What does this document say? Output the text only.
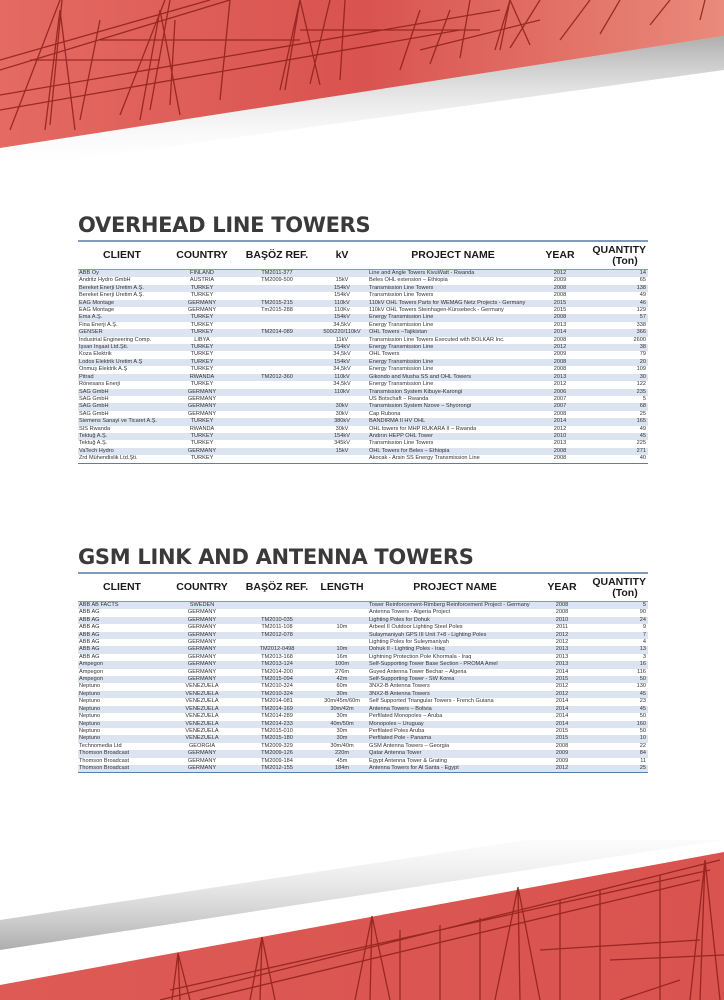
OVERHEAD LINE TOWERS
CLIENT	COUNTRY	BAŞÖZ REF.	kV	PROJECT NAME	YEAR	QUANTITY
(Ton)

ABB Oy	FINLAND	TM2011-377		Line and Angle Towers KivuWatt - Rwanda	2012	14
Andritz Hydro GmbH	AUSTRIA	TM2009-500	15kV	Beles OHL extension – Ethiopia	2009	65
Bereket Enerji Üretim A.Ş.	TURKEY		154kV	Transmission Line Towers	2008	138
Bereket Enerji Üretim A.Ş.	TURKEY		154kV	Transmission Line Towers	2008	49
EAG Montage	GERMANY	TM2015-215	110kV	110kV OHL Towers Parts for WEMAG Netz Projects - Germany	2015	46
EAG Montage	GERMANY	Tm2015-288	110Kv	110kV OHL Towers Steinhagen-Künsebeck - Germany	2015	129
Ema A.Ş.	TURKEY		154kV	Energy Transmission Line	2008	57
Fina Enerji A.Ş.	TURKEY		34,5kV	Energy Transmission Line	2013	338
GENSER	TURKEY	TM2014-089	500/220/110kV	OHL Towers –Tajikistan	2014	366
Industrial Engineering Comp.	LIBYA		11kV	Transmission Line Towers Executed with BOLKAR Inc.	2008	2600
İşsan İnşaat Ltd.Şti.	TURKEY		154kV	Energy Transmission Line	2012	38
Koza Elektrik	TURKEY		34,5kV	OHL Towers	2009	79
Lodos Elektrik Üretim A.Ş	TURKEY		154kV	Energy Transmission Line	2008	20
Onmuş Elektrik A.Ş	TURKEY		34,5kV	Energy Transmission Line	2008	109
Pitrad	RWANDA	TM2012-360	110kV	Gikondo and Musha SS and OHL Towers	2013	30
Rönesans Enerji	TURKEY		34,5kV	Energy Transmission Line	2012	122
SAG GmbH	GERMANY		110kV	Transmission System Kibuye-Karongi	2006	235
SAG GmbH	GERMANY			US Botschaft – Rwanda	2007	5
SAG GmbH	GERMANY		30kV	Transmission System Nzove – Shyorongi	2007	68
SAG GmbH	GERMANY		30kV	Cap Rubona	2008	25
Siemens Sanayi ve Ticaret A.Ş.	TURKEY		380kV	BANDIRMA II HV OHL	2014	165
SIS Rwanda	RWANDA		30kV	OHL towers for MHP RUKARA II – Rwanda	2012	49
Tektuğ A.Ş.	TURKEY		154kV	Andırın HEPP OHL Tower	2010	45
Tektuğ A.Ş.	TURKEY		345kV	Transmission Line Towers	2013	225
VaTech Hydro	GERMANY		15kV	OHL Towers for Beles – Ethiopia	2008	271
Zrd Mühendislik Ltd.Şti.	TURKEY			Akocak - Arsin SS Energy Transmission Line	2008	40
GSM LINK AND ANTENNA TOWERS
CLIENT	COUNTRY	BAŞÖZ REF.	LENGTH	PROJECT NAME	YEAR	QUANTITY
(Ton)

ABB AB FACTS	SWEDEN			Tower Reinforcement-Rimberg Reinforcement Project - Germany	2008	5
ABB AG	GERMANY			Antenna Towers - Algeria Project	2008	90
ABB AG	GERMANY	TM2010-035		Lighting Poles for Dohuk	2010	24
ABB AG	GERMANY	TM2011-108	10m	Arbeel II Outdoor Lighting Steel Poles	2011	9
ABB AG	GERMANY	TM2012-078		Sulaymaniyah GPS III Unit 7+8 - Lighting Poles	2012	7
ABB AG	GERMANY			Lighting Poles for Suleymaniyah	2012	4
ABB AG	GERMANY	TM2012-0498	10m	Dohuk II - Lighting Poles - Iraq	2013	13
ABB AG	GERMANY	TM2013-168	16m	Lightning Protection Pole Khormala - Iraq	2013	3
Ampegon	GERMANY	TM2013-124	100m	Self-Supporting Tower Base Section - PROMA Amel	2013	16
Ampegon	GERMANY	TM2014-200	276m	Guyed Antenna Tower Bechar – Algeria	2014	116
Ampegon	GERMANY	TM2015-094	42m	Self-Supporting Tower - SW Korea	2015	50
Neptuno	VENEZUELA	TM2010-324	60m	3NX2-B Antenna Towers	2012	130
Neptuno	VENEZUELA	TM2010-324	30m	3NX2-B Antenna Towers	2012	45
Neptuno	VENEZUELA	TM2014-081	30m/45m/60m	Self Supported Triangular Towers - French Guiana	2014	23
Neptuno	VENEZUELA	TM2014-169	30m/42m	Antenna Towers – Bolivia	2014	45
Neptuno	VENEZUELA	TM2014-289	30m	Perfilated Monopoles – Aruba	2014	50
Neptuno	VENEZUELA	TM2014-233	40m/50m	Monopoles – Uruguay	2014	160
Neptuno	VENEZUELA	TM2015-010	30m	Perfilated Poles Aruba	2015	50
Neptuno	VENEZUELA	TM2015-180	30m	Perfilated Pole - Panama	2015	10
Technomedia Ltd	GEORGIA	TM2009-329	30m/40m	GSM Antenna Towers – Georgia	2008	22
Thomson Broadcast	GERMANY	TM2009-126	220m	Qatar Antenna Tower	2009	84
Thomson Broadcast	GERMANY	TM2009-184	45m	Egypt Antenna Tower & Grating	2009	11
Thomson Broadcast	GERMANY	TM2012-155	184m	Antenna Towers for Al Santa - Egypt	2012	25
